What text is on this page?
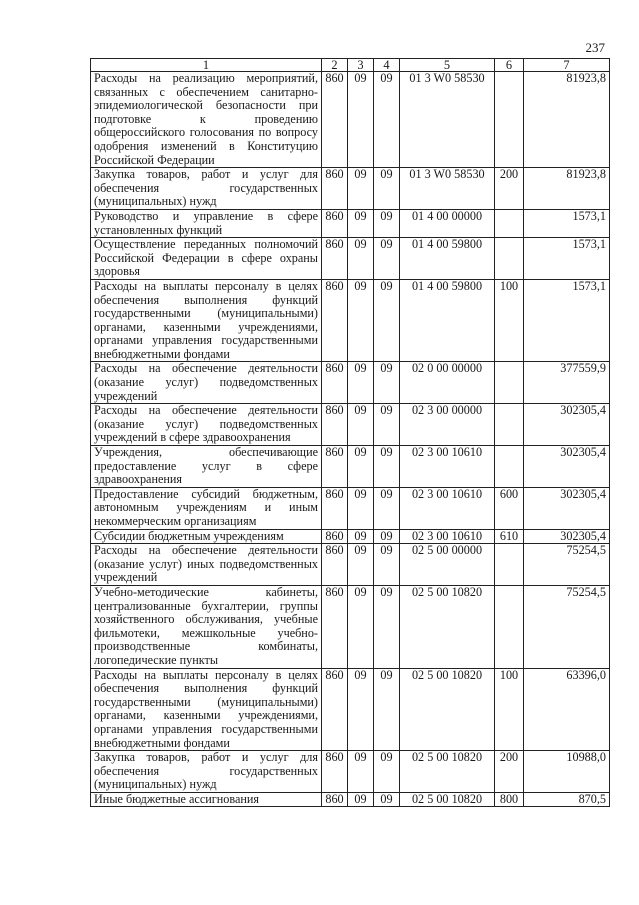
237
1	2	3	4	5	6	7
Расходы на реализацию мероприятий, связанных с обеспечением санитарно-эпидемиологической безопасности при подготовке к проведению общероссийского голосования по вопросу одобрения изменений в Конституцию Российской Федерации	860	09	09	01 3 W0 58530		81923,8
Закупка товаров, работ и услуг для обеспечения государственных (муниципальных) нужд	860	09	09	01 3 W0 58530	200	81923,8
Руководство и управление в сфере установленных функций	860	09	09	01 4 00 00000		1573,1
Осуществление переданных полномочий Российской Федерации в сфере охраны здоровья	860	09	09	01 4 00 59800		1573,1
Расходы на выплаты персоналу в целях обеспечения выполнения функций государственными (муниципальными) органами, казенными учреждениями, органами управления государственными внебюджетными фондами	860	09	09	01 4 00 59800	100	1573,1
Расходы на обеспечение деятельности (оказание услуг) подведомственных учреждений	860	09	09	02 0 00 00000		377559,9
Расходы на обеспечение деятельности (оказание услуг) подведомственных учреждений в сфере здравоохранения	860	09	09	02 3 00 00000		302305,4
Учреждения, обеспечивающие предоставление услуг в сфере здравоохранения	860	09	09	02 3 00 10610		302305,4
Предоставление субсидий бюджетным, автономным учреждениям и иным некоммерческим организациям	860	09	09	02 3 00 10610	600	302305,4
Субсидии бюджетным учреждениям	860	09	09	02 3 00 10610	610	302305,4
Расходы на обеспечение деятельности (оказание услуг) иных подведомственных учреждений	860	09	09	02 5 00 00000		75254,5
Учебно-методические кабинеты, централизованные бухгалтерии, группы хозяйственного обслуживания, учебные фильмотеки, межшкольные учебно-производственные комбинаты, логопедические пункты	860	09	09	02 5 00 10820		75254,5
Расходы на выплаты персоналу в целях обеспечения выполнения функций государственными (муниципальными) органами, казенными учреждениями, органами управления государственными внебюджетными фондами	860	09	09	02 5 00 10820	100	63396,0
Закупка товаров, работ и услуг для обеспечения государственных (муниципальных) нужд	860	09	09	02 5 00 10820	200	10988,0
Иные бюджетные ассигнования	860	09	09	02 5 00 10820	800	870,5
